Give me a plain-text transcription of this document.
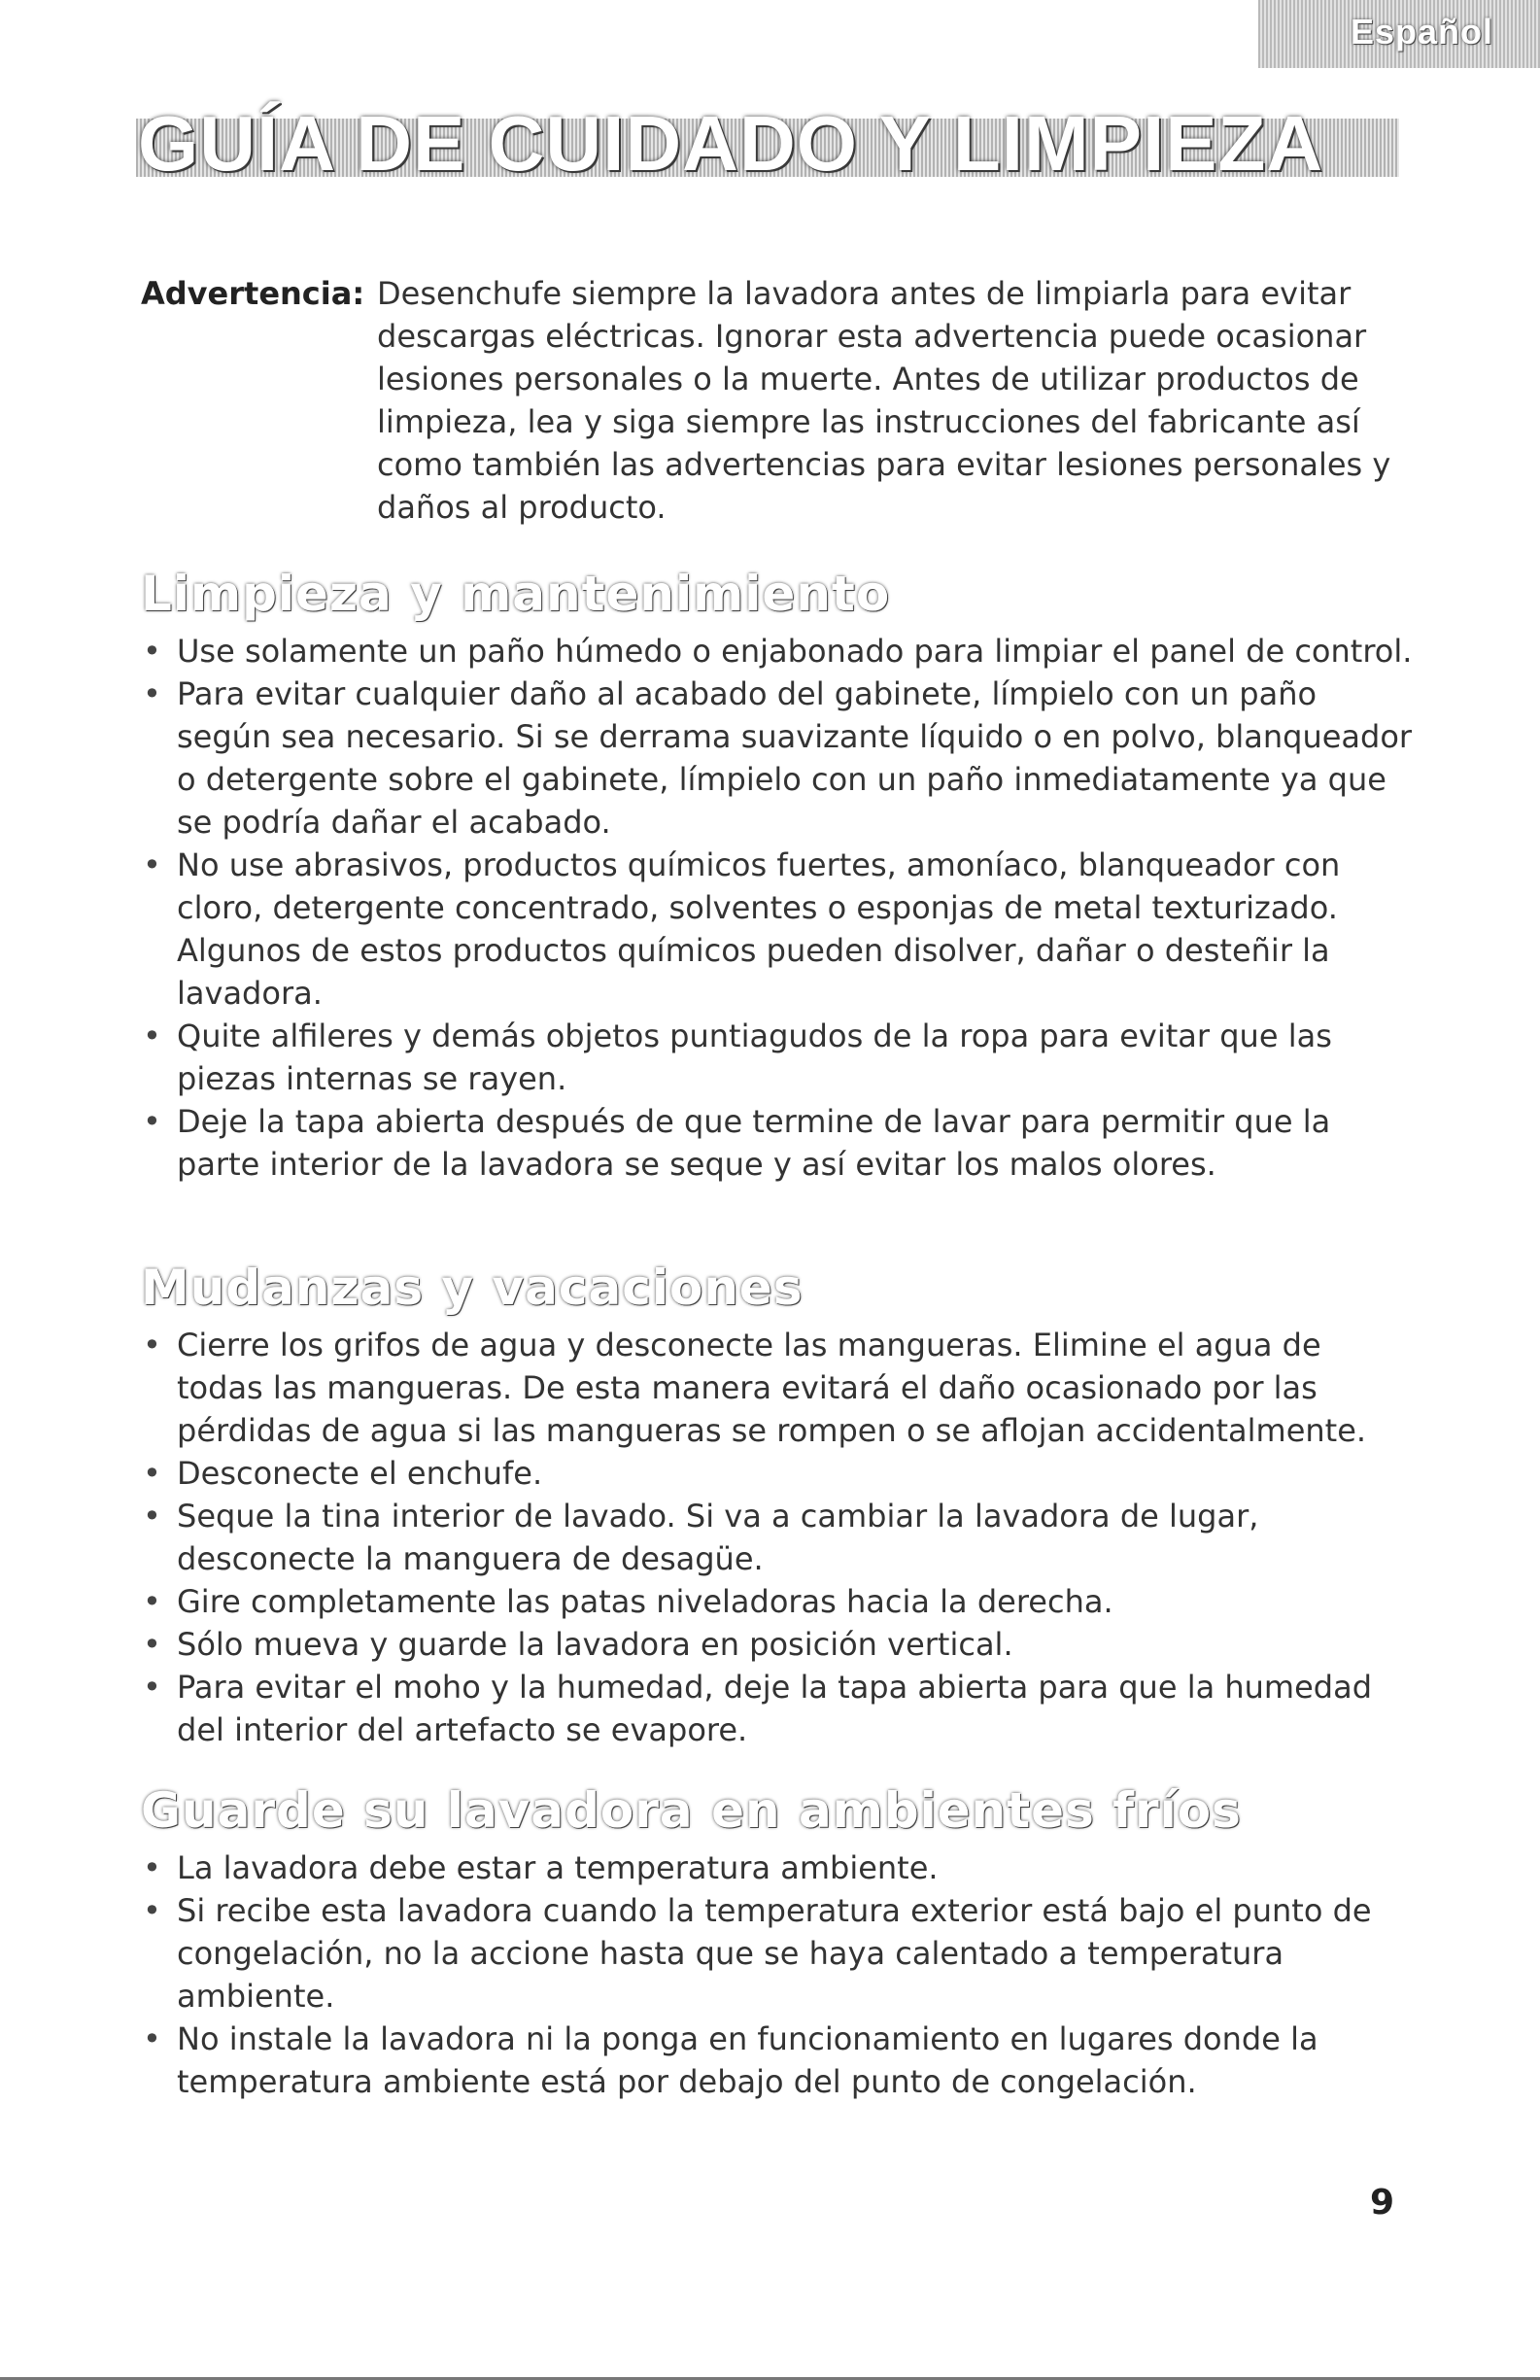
Español
GUÍA DE CUIDADO Y LIMPIEZA
Advertencia: Desenchufe siempre la lavadora antes de limpiarla para evitar descargas eléctricas. Ignorar esta advertencia puede ocasionar lesiones personales o la muerte. Antes de utilizar productos de limpieza, lea y siga siempre las instrucciones del fabricante así como también las advertencias para evitar lesiones personales y daños al producto.
Limpieza y mantenimiento
• Use solamente un paño húmedo o enjabonado para limpiar el panel de control.
• Para evitar cualquier daño al acabado del gabinete, límpielo con un paño según sea necesario. Si se derrama suavizante líquido o en polvo, blanqueador o detergente sobre el gabinete, límpielo con un paño inmediatamente ya que se podría dañar el acabado.
• No use abrasivos, productos químicos fuertes, amoníaco, blanqueador con cloro, detergente concentrado, solventes o esponjas de metal texturizado. Algunos de estos productos químicos pueden disolver, dañar o desteñir la lavadora.
• Quite alfileres y demás objetos puntiagudos de la ropa para evitar que las piezas internas se rayen.
• Deje la tapa abierta después de que termine de lavar para permitir que la parte interior de la lavadora se seque y así evitar los malos olores.
Mudanzas y vacaciones
• Cierre los grifos de agua y desconecte las mangueras. Elimine el agua de todas las mangueras. De esta manera evitará el daño ocasionado por las pérdidas de agua si las mangueras se rompen o se aflojan accidentalmente.
• Desconecte el enchufe.
• Seque la tina interior de lavado. Si va a cambiar la lavadora de lugar, desconecte la manguera de desagüe.
• Gire completamente las patas niveladoras hacia la derecha.
• Sólo mueva y guarde la lavadora en posición vertical.
• Para evitar el moho y la humedad, deje la tapa abierta para que la humedad del interior del artefacto se evapore.
Guarde su lavadora en ambientes fríos
• La lavadora debe estar a temperatura ambiente.
• Si recibe esta lavadora cuando la temperatura exterior está bajo el punto de congelación, no la accione hasta que se haya calentado a temperatura ambiente.
• No instale la lavadora ni la ponga en funcionamiento en lugares donde la temperatura ambiente está por debajo del punto de congelación.
9
